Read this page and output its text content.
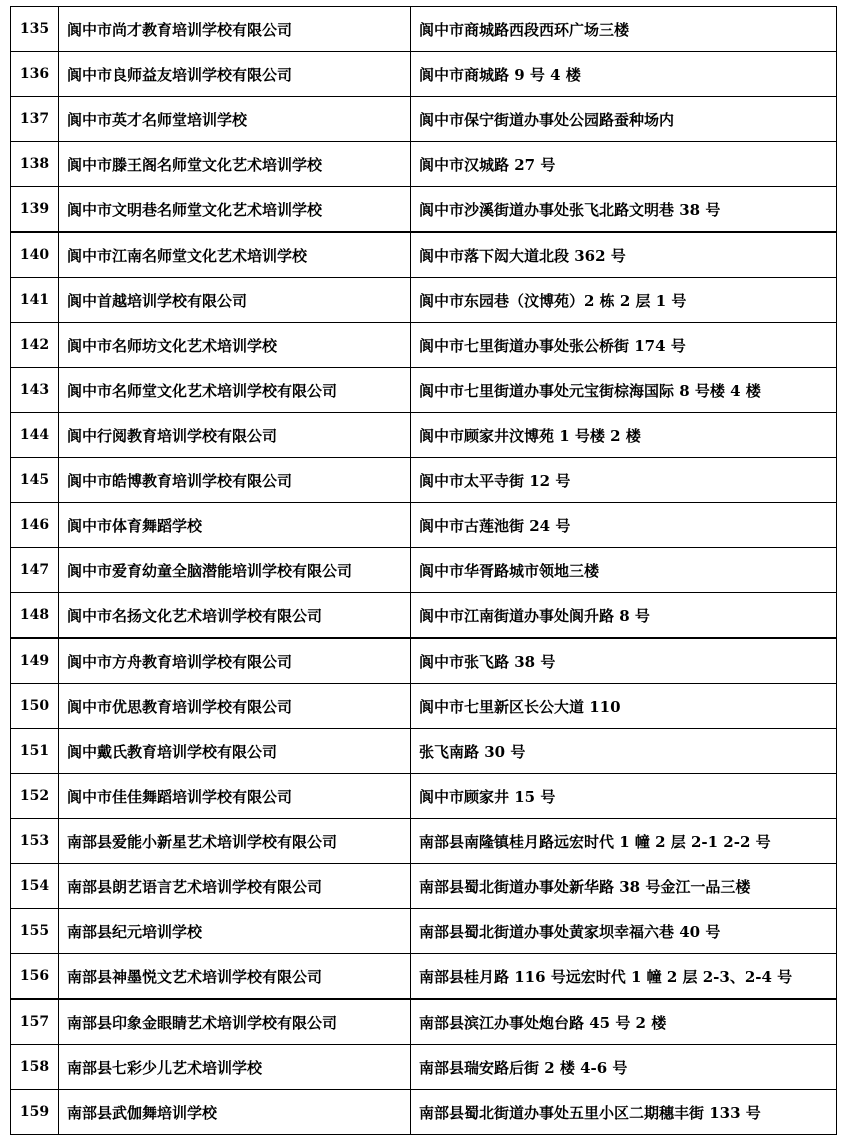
135	阆中市尚才教育培训学校有限公司	阆中市商城路西段西环广场三楼
136	阆中市良师益友培训学校有限公司	阆中市商城路 9 号 4 楼
137	阆中市英才名师堂培训学校	阆中市保宁街道办事处公园路蚕种场内
138	阆中市滕王阁名师堂文化艺术培训学校	阆中市汉城路 27 号
139	阆中市文明巷名师堂文化艺术培训学校	阆中市沙溪街道办事处张飞北路文明巷 38 号
140	阆中市江南名师堂文化艺术培训学校	阆中市落下闳大道北段 362 号
141	阆中首越培训学校有限公司	阆中市东园巷（汶博苑）2 栋 2 层 1 号
142	阆中市名师坊文化艺术培训学校	阆中市七里街道办事处张公桥街 174 号
143	阆中市名师堂文化艺术培训学校有限公司	阆中市七里街道办事处元宝街棕海国际 8 号楼 4 楼
144	阆中行阅教育培训学校有限公司	阆中市顾家井汶博苑 1 号楼 2 楼
145	阆中市皓博教育培训学校有限公司	阆中市太平寺街 12 号
146	阆中市体育舞蹈学校	阆中市古莲池街 24 号
147	阆中市爱育幼童全脑潜能培训学校有限公司	阆中市华胥路城市领地三楼
148	阆中市名扬文化艺术培训学校有限公司	阆中市江南街道办事处阆升路 8 号
149	阆中市方舟教育培训学校有限公司	阆中市张飞路 38 号
150	阆中市优思教育培训学校有限公司	阆中市七里新区长公大道 110
151	阆中戴氏教育培训学校有限公司	张飞南路 30 号
152	阆中市佳佳舞蹈培训学校有限公司	阆中市顾家井 15 号
153	南部县爱能小新星艺术培训学校有限公司	南部县南隆镇桂月路远宏时代 1 幢 2 层 2-1 2-2 号
154	南部县朗艺语言艺术培训学校有限公司	南部县蜀北街道办事处新华路 38 号金江一品三楼
155	南部县纪元培训学校	南部县蜀北街道办事处黄家坝幸福六巷 40 号
156	南部县神墨悦文艺术培训学校有限公司	南部县桂月路 116 号远宏时代 1 幢 2 层 2-3、2-4 号
157	南部县印象金眼睛艺术培训学校有限公司	南部县滨江办事处炮台路 45 号 2 楼
158	南部县七彩少儿艺术培训学校	南部县瑞安路后街 2 楼 4-6 号
159	南部县武伽舞培训学校	南部县蜀北街道办事处五里小区二期穗丰街 133 号
